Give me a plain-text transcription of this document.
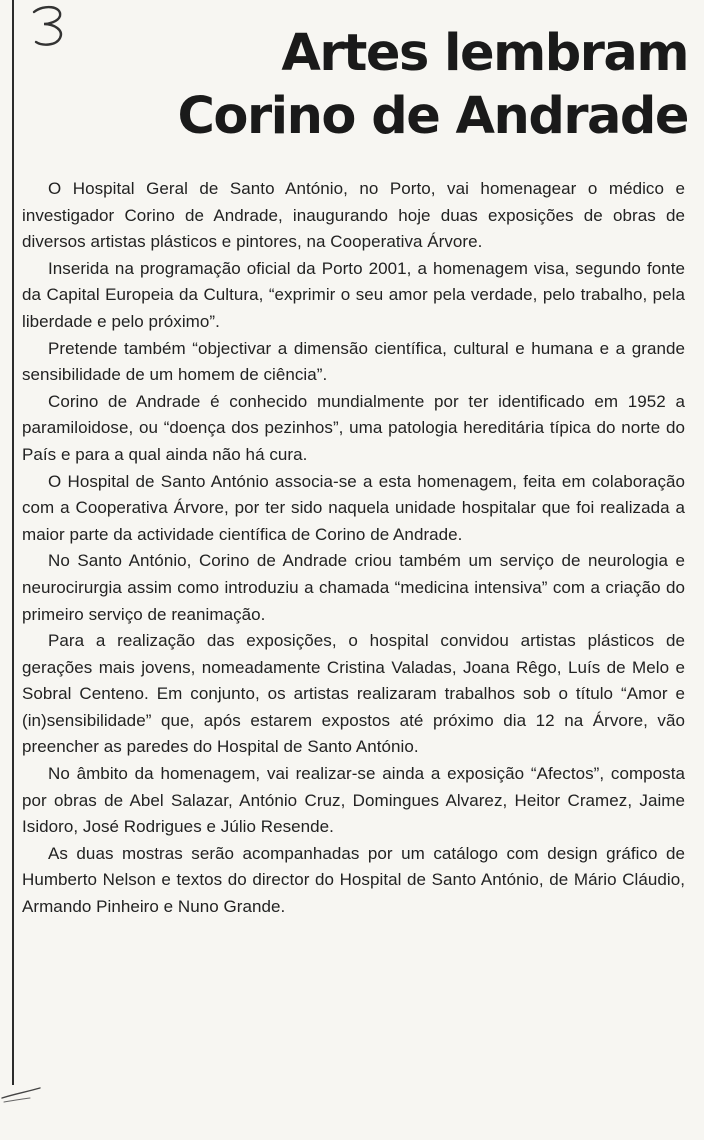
3
Artes lembram
Corino de Andrade

O Hospital Geral de Santo António, no Porto, vai homenagear o médico e investigador Corino de Andrade, inaugurando hoje duas exposições de obras de diversos artistas plásticos e pintores, na Cooperativa Árvore.

Inserida na programação oficial da Porto 2001, a homenagem visa, segundo fonte da Capital Europeia da Cultura, “exprimir o seu amor pela verdade, pelo trabalho, pela liberdade e pelo próximo”.

Pretende também “objectivar a dimensão científica, cultural e humana e a grande sensibilidade de um homem de ciência”.

Corino de Andrade é conhecido mundialmente por ter identificado em 1952 a paramiloidose, ou “doença dos pezinhos”, uma patologia hereditária típica do norte do País e para a qual ainda não há cura.

O Hospital de Santo António associa-se a esta homenagem, feita em colaboração com a Cooperativa Árvore, por ter sido naquela unidade hospitalar que foi realizada a maior parte da actividade científica de Corino de Andrade.

No Santo António, Corino de Andrade criou também um serviço de neurologia e neurocirurgia assim como introduziu a chamada “medicina intensiva” com a criação do primeiro serviço de reanimação.

Para a realização das exposições, o hospital convidou artistas plásticos de gerações mais jovens, nomeadamente Cristina Valadas, Joana Rêgo, Luís de Melo e Sobral Centeno. Em conjunto, os artistas realizaram trabalhos sob o título “Amor e (in)sensibilidade” que, após estarem expostos até próximo dia 12 na Árvore, vão preencher as paredes do Hospital de Santo António.

No âmbito da homenagem, vai realizar-se ainda a exposição “Afectos”, composta por obras de Abel Salazar, António Cruz, Domingues Alvarez, Heitor Cramez, Jaime Isidoro, José Rodrigues e Júlio Resende.

As duas mostras serão acompanhadas por um catálogo com design gráfico de Humberto Nelson e textos do director do Hospital de Santo António, de Mário Cláudio, Armando Pinheiro e Nuno Grande.
